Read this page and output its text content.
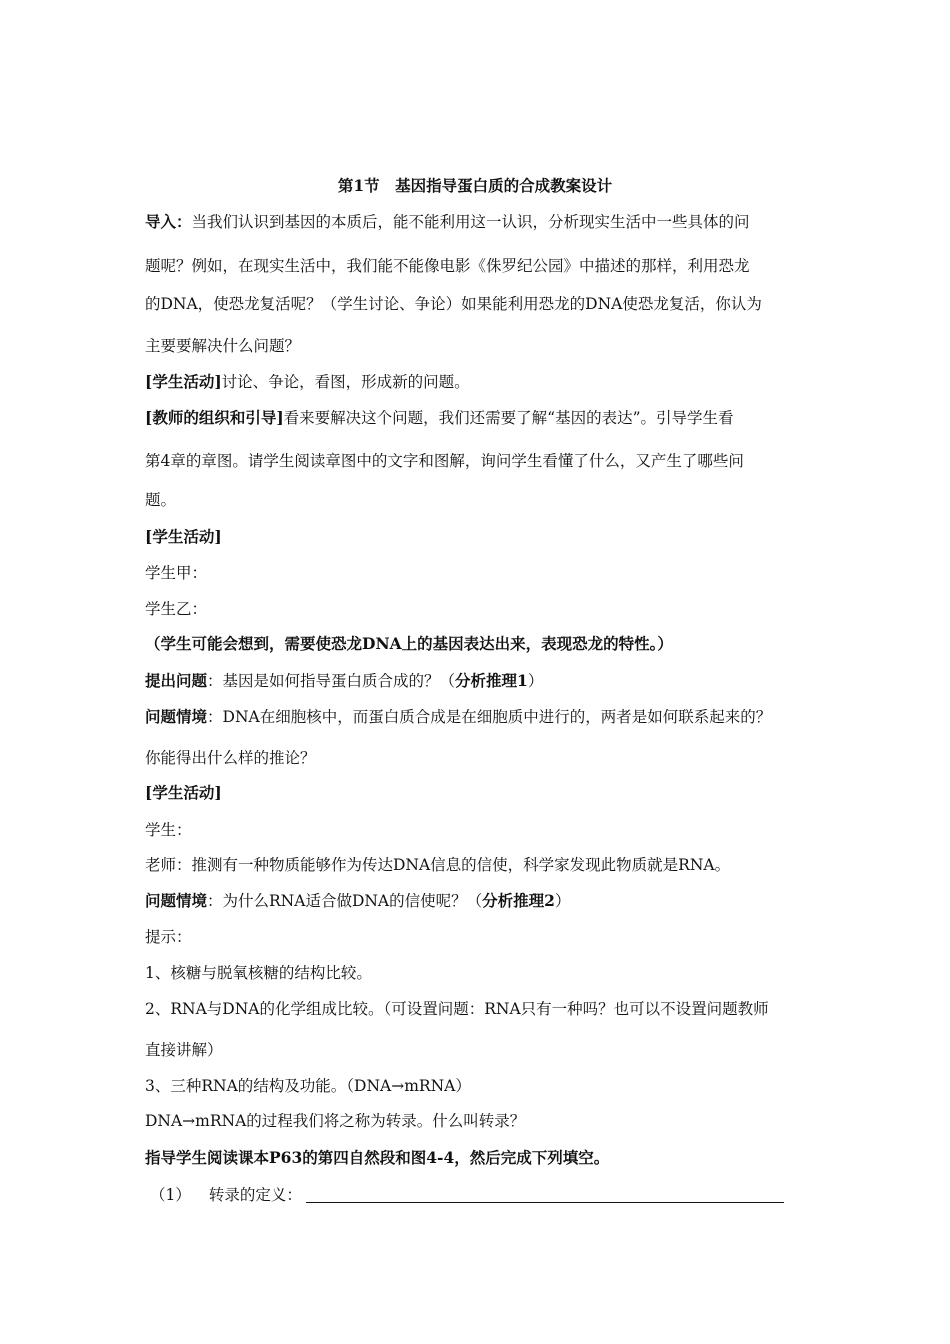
第1节　基因指导蛋白质的合成教案设计
导入：当我们认识到基因的本质后，能不能利用这一认识，分析现实生活中一些具体的问
题呢？例如，在现实生活中，我们能不能像电影《侏罗纪公园》中描述的那样，利用恐龙
的DNA，使恐龙复活呢？（学生讨论、争论）如果能利用恐龙的DNA使恐龙复活，你认为
主要要解决什么问题？
[学生活动]讨论、争论，看图，形成新的问题。
[教师的组织和引导]看来要解决这个问题，我们还需要了解“基因的表达”。引导学生看
第4章的章图。请学生阅读章图中的文字和图解，询问学生看懂了什么，又产生了哪些问
题。
[学生活动]
学生甲：
学生乙：
（学生可能会想到，需要使恐龙DNA上的基因表达出来，表现恐龙的特性。）
提出问题：基因是如何指导蛋白质合成的？（分析推理1）
问题情境：DNA在细胞核中，而蛋白质合成是在细胞质中进行的，两者是如何联系起来的？
你能得出什么样的推论？
[学生活动]
学生：
老师：推测有一种物质能够作为传达DNA信息的信使，科学家发现此物质就是RNA。
问题情境：为什么RNA适合做DNA的信使呢？（分析推理2）
提示：
1、核糖与脱氧核糖的结构比较。
2、RNA与DNA的化学组成比较。（可设置问题：RNA只有一种吗？也可以不设置问题教师
直接讲解）
3、三种RNA的结构及功能。（DNA→mRNA）
DNA→mRNA的过程我们将之称为转录。什么叫转录？
指导学生阅读课本P63的第四自然段和图4-4，然后完成下列填空。
（1） 转录的定义：
